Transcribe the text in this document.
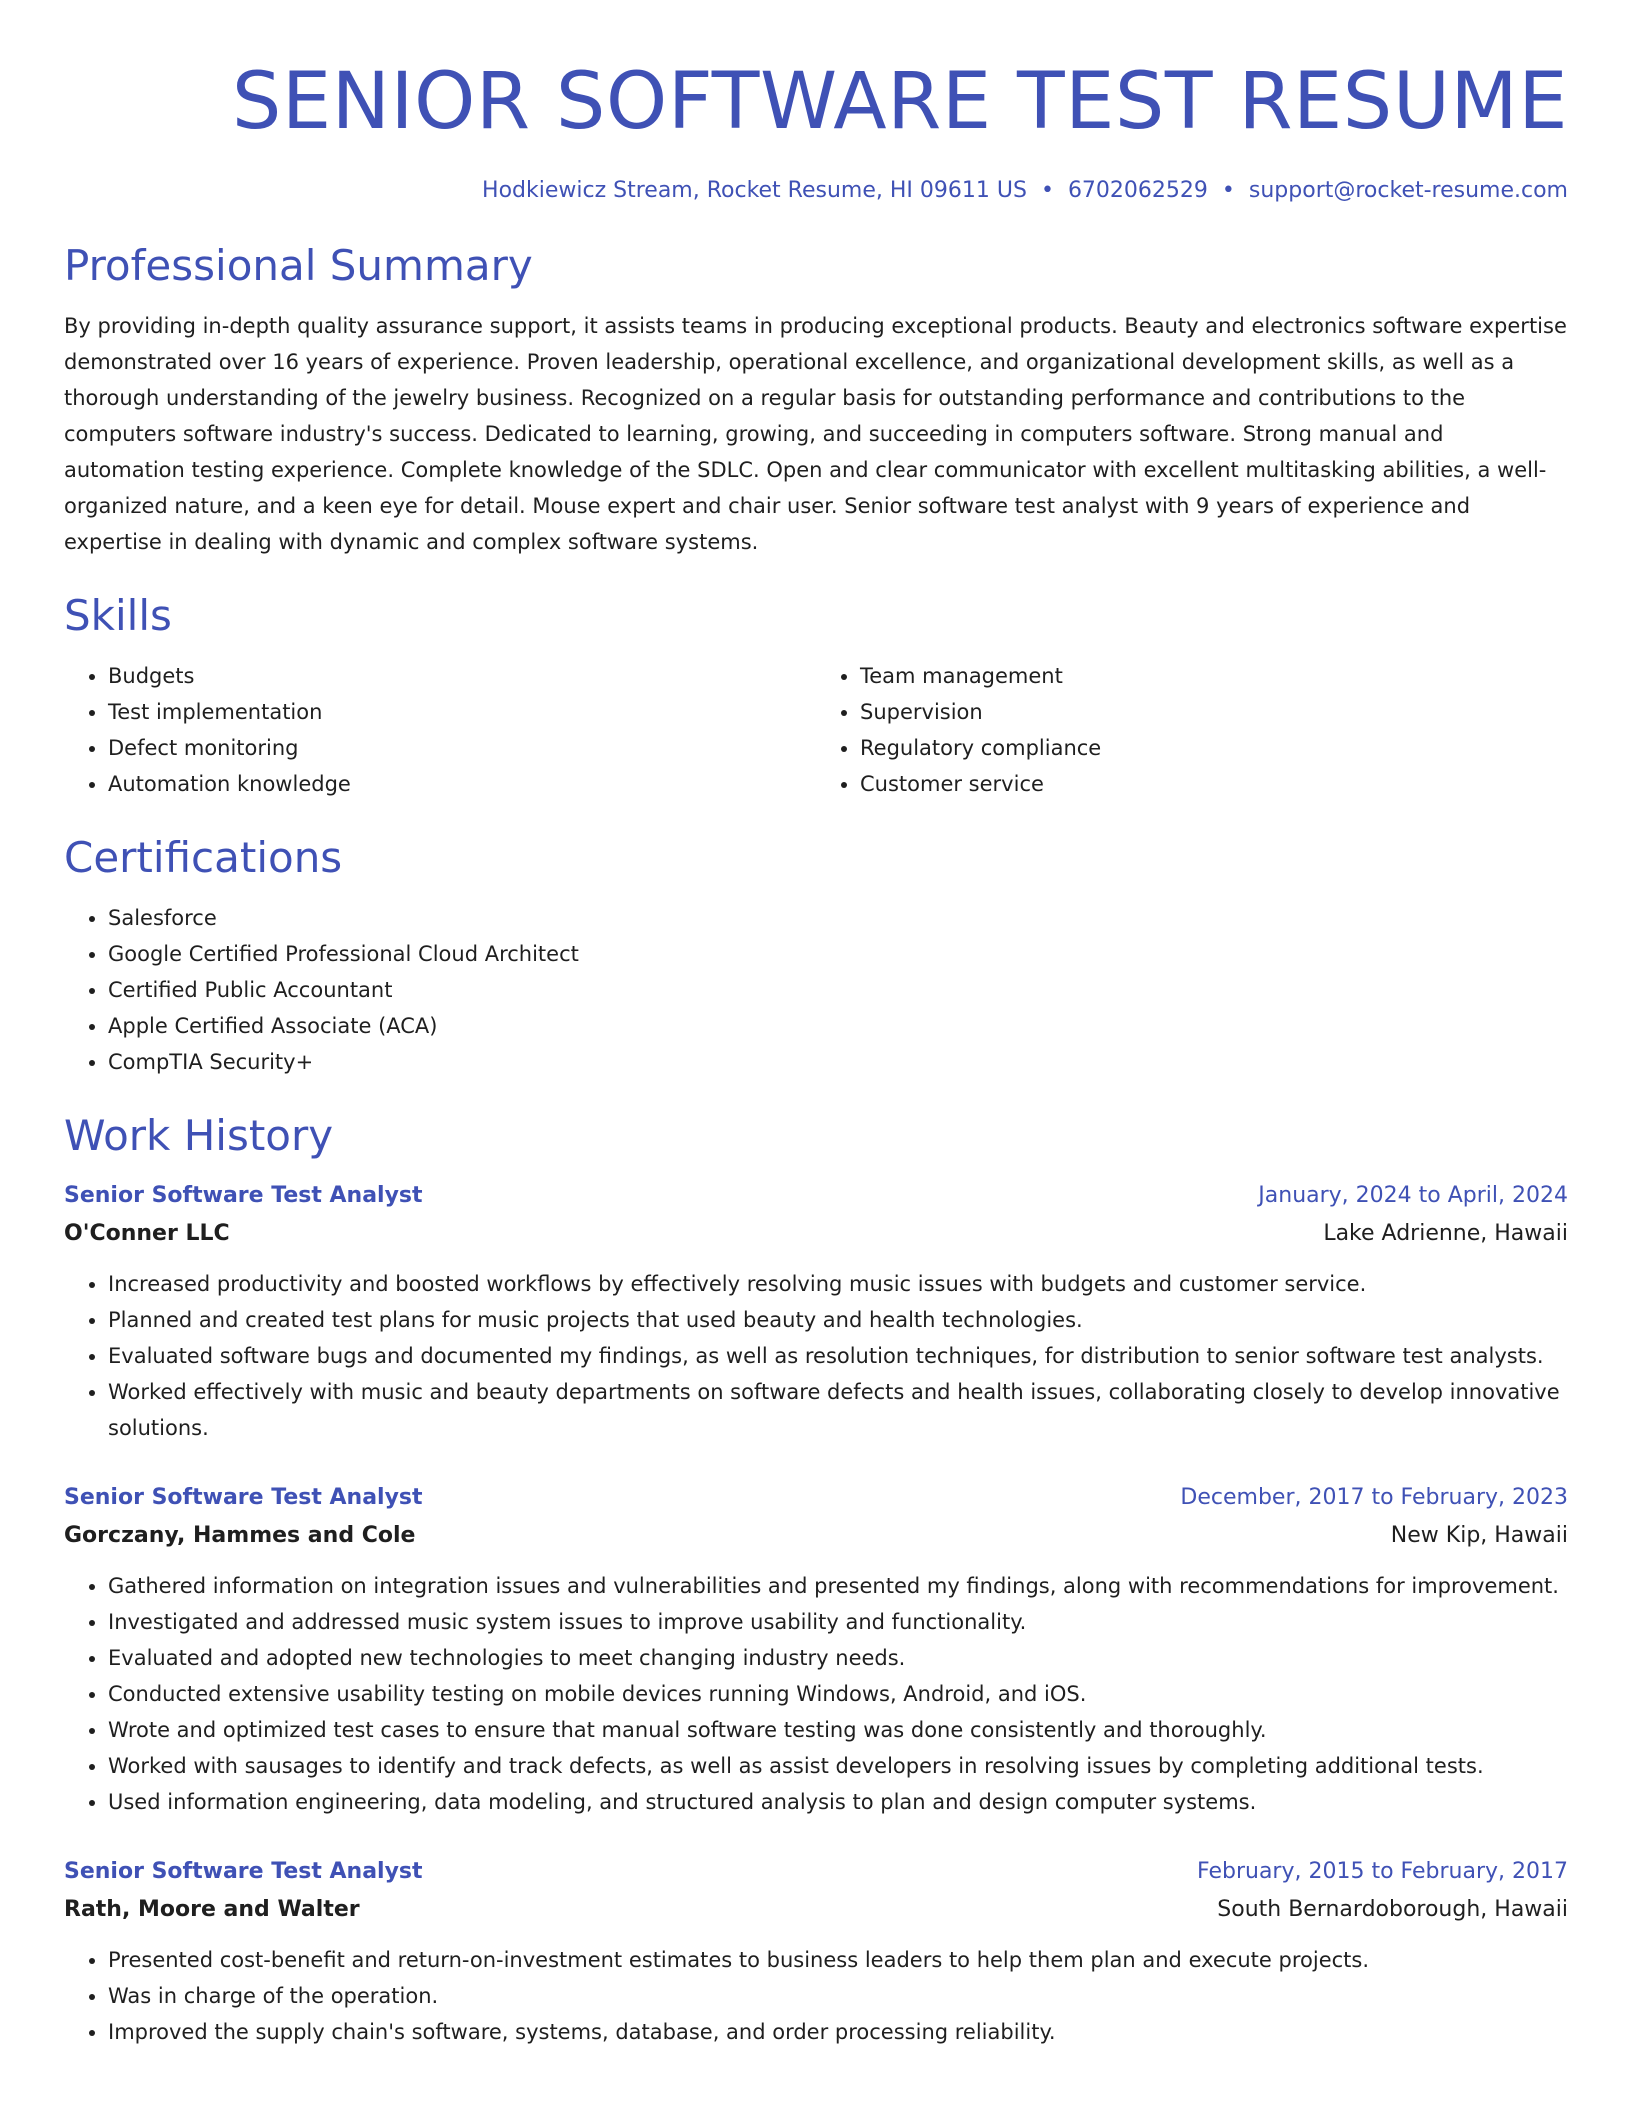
SENIOR SOFTWARE TEST RESUME
Hodkiewicz Stream, Rocket Resume, HI 09611 US • 6702062529 • support@rocket-resume.com
Professional Summary

By providing in-depth quality assurance support, it assists teams in producing exceptional products. Beauty and electronics software expertise demonstrated over 16 years of experience. Proven leadership, operational excellence, and organizational development skills, as well as a thorough understanding of the jewelry business. Recognized on a regular basis for outstanding performance and contributions to the computers software industry's success. Dedicated to learning, growing, and succeeding in computers software. Strong manual and automation testing experience. Complete knowledge of the SDLC. Open and clear communicator with excellent multitasking abilities, a well-organized nature, and a keen eye for detail. Mouse expert and chair user. Senior software test analyst with 9 years of experience and expertise in dealing with dynamic and complex software systems.

Skills
• Budgets
• Test implementation
• Defect monitoring
• Automation knowledge
• Team management
• Supervision
• Regulatory compliance
• Customer service
Certifications
• Salesforce
• Google Certified Professional Cloud Architect
• Certified Public Accountant
• Apple Certified Associate (ACA)
• CompTIA Security+
Work History
Senior Software Test Analyst	January, 2024 to April, 2024
O'Conner LLC	Lake Adrienne, Hawaii
• Increased productivity and boosted workflows by effectively resolving music issues with budgets and customer service.
• Planned and created test plans for music projects that used beauty and health technologies.
• Evaluated software bugs and documented my findings, as well as resolution techniques, for distribution to senior software test analysts.
• Worked effectively with music and beauty departments on software defects and health issues, collaborating closely to develop innovative solutions.
Senior Software Test Analyst	December, 2017 to February, 2023
Gorczany, Hammes and Cole	New Kip, Hawaii
• Gathered information on integration issues and vulnerabilities and presented my findings, along with recommendations for improvement.
• Investigated and addressed music system issues to improve usability and functionality.
• Evaluated and adopted new technologies to meet changing industry needs.
• Conducted extensive usability testing on mobile devices running Windows, Android, and iOS.
• Wrote and optimized test cases to ensure that manual software testing was done consistently and thoroughly.
• Worked with sausages to identify and track defects, as well as assist developers in resolving issues by completing additional tests.
• Used information engineering, data modeling, and structured analysis to plan and design computer systems.
Senior Software Test Analyst	February, 2015 to February, 2017
Rath, Moore and Walter	South Bernardoborough, Hawaii
• Presented cost-benefit and return-on-investment estimates to business leaders to help them plan and execute projects.
• Was in charge of the operation.
• Improved the supply chain's software, systems, database, and order processing reliability.
